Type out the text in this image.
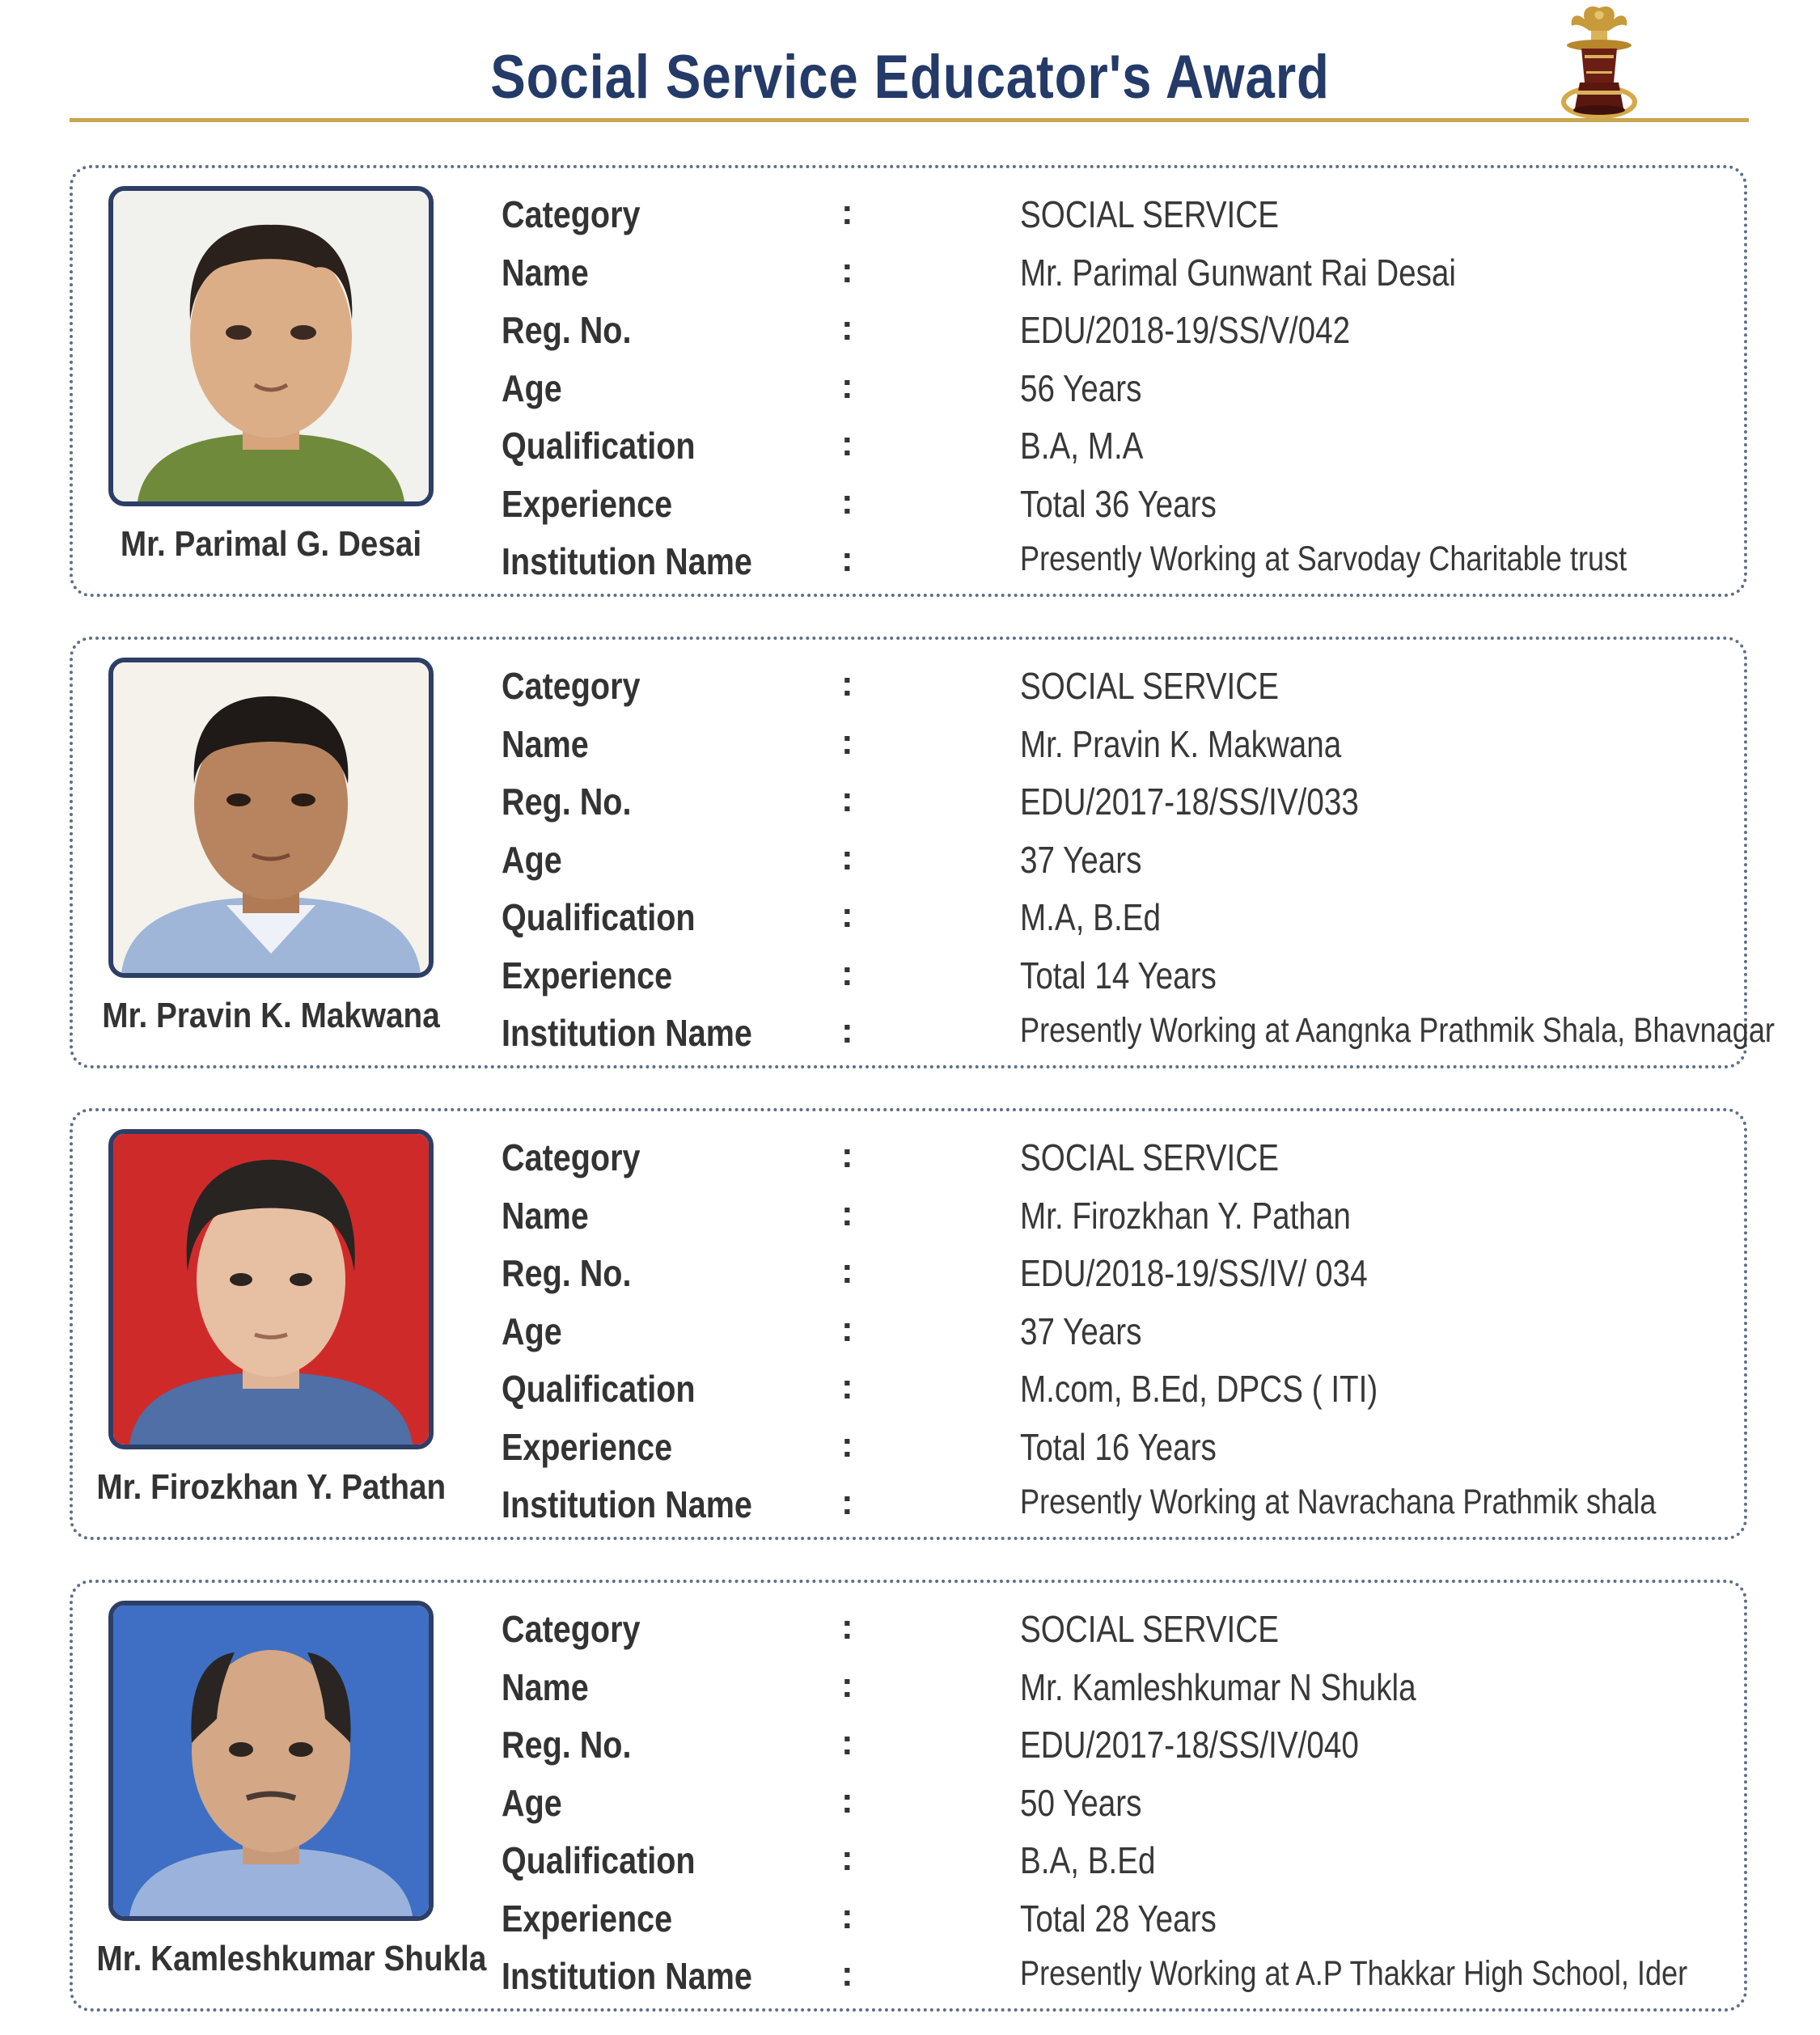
Social Service Educator's Award
Mr. Parimal G. Desai
Category	:	SOCIAL SERVICE
Name	:	Mr. Parimal Gunwant Rai Desai
Reg. No.	:	EDU/2018-19/SS/V/042
Age	:	56 Years
Qualification	:	B.A, M.A
Experience	:	Total 36 Years
Institution Name	:	Presently Working at Sarvoday Charitable trust
Mr. Pravin K. Makwana
Category	:	SOCIAL SERVICE
Name	:	Mr. Pravin K. Makwana
Reg. No.	:	EDU/2017-18/SS/IV/033
Age	:	37 Years
Qualification	:	M.A, B.Ed
Experience	:	Total 14 Years
Institution Name	:	Presently Working at Aangnka Prathmik Shala, Bhavnagar
Mr. Firozkhan Y. Pathan
Category	:	SOCIAL SERVICE
Name	:	Mr. Firozkhan Y. Pathan
Reg. No.	:	EDU/2018-19/SS/IV/ 034
Age	:	37 Years
Qualification	:	M.com, B.Ed, DPCS ( ITI)
Experience	:	Total 16 Years
Institution Name	:	Presently Working at Navrachana Prathmik shala
Mr. Kamleshkumar Shukla
Category	:	SOCIAL SERVICE
Name	:	Mr. Kamleshkumar N Shukla
Reg. No.	:	EDU/2017-18/SS/IV/040
Age	:	50 Years
Qualification	:	B.A, B.Ed
Experience	:	Total 28 Years
Institution Name	:	Presently Working at A.P Thakkar High School, Ider
